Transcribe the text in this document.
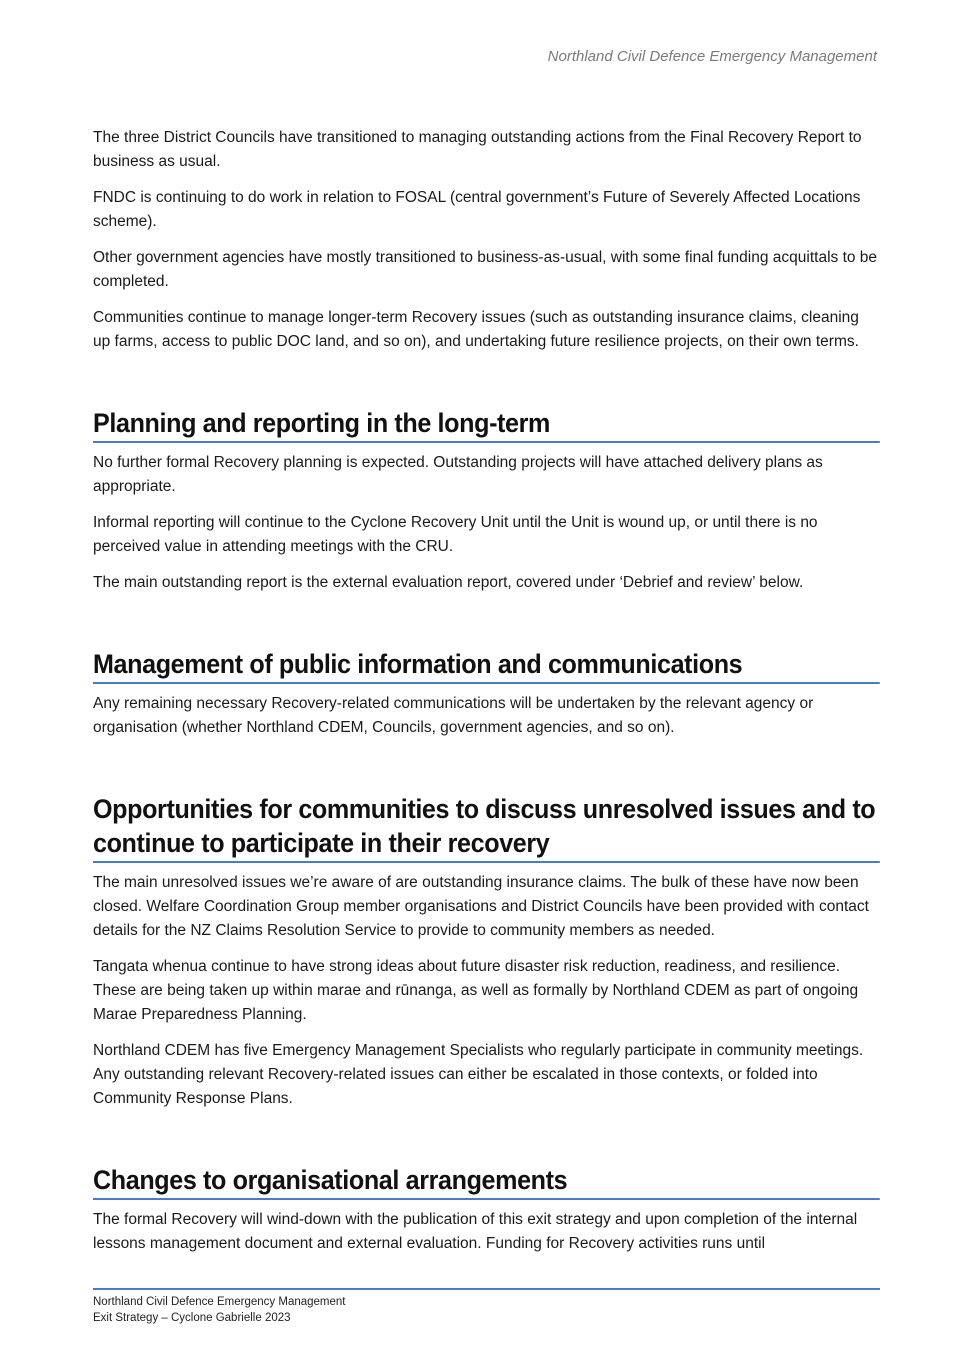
Northland Civil Defence Emergency Management

The three District Councils have transitioned to managing outstanding actions from the Final Recovery Report to business as usual.

FNDC is continuing to do work in relation to FOSAL (central government’s Future of Severely Affected Locations scheme).

Other government agencies have mostly transitioned to business-as-usual, with some final funding acquittals to be completed.

Communities continue to manage longer-term Recovery issues (such as outstanding insurance claims, cleaning up farms, access to public DOC land, and so on), and undertaking future resilience projects, on their own terms.

Planning and reporting in the long-term

No further formal Recovery planning is expected. Outstanding projects will have attached delivery plans as appropriate.

Informal reporting will continue to the Cyclone Recovery Unit until the Unit is wound up, or until there is no perceived value in attending meetings with the CRU.

The main outstanding report is the external evaluation report, covered under ‘Debrief and review’ below.

Management of public information and communications

Any remaining necessary Recovery-related communications will be undertaken by the relevant agency or organisation (whether Northland CDEM, Councils, government agencies, and so on).

Opportunities for communities to discuss unresolved issues and to continue to participate in their recovery

The main unresolved issues we’re aware of are outstanding insurance claims. The bulk of these have now been closed. Welfare Coordination Group member organisations and District Councils have been provided with contact details for the NZ Claims Resolution Service to provide to community members as needed.

Tangata whenua continue to have strong ideas about future disaster risk reduction, readiness, and resilience. These are being taken up within marae and rūnanga, as well as formally by Northland CDEM as part of ongoing Marae Preparedness Planning.

Northland CDEM has five Emergency Management Specialists who regularly participate in community meetings. Any outstanding relevant Recovery-related issues can either be escalated in those contexts, or folded into Community Response Plans.

Changes to organisational arrangements

The formal Recovery will wind-down with the publication of this exit strategy and upon completion of the internal lessons management document and external evaluation. Funding for Recovery activities runs until

Northland Civil Defence Emergency Management
Exit Strategy – Cyclone Gabrielle 2023
